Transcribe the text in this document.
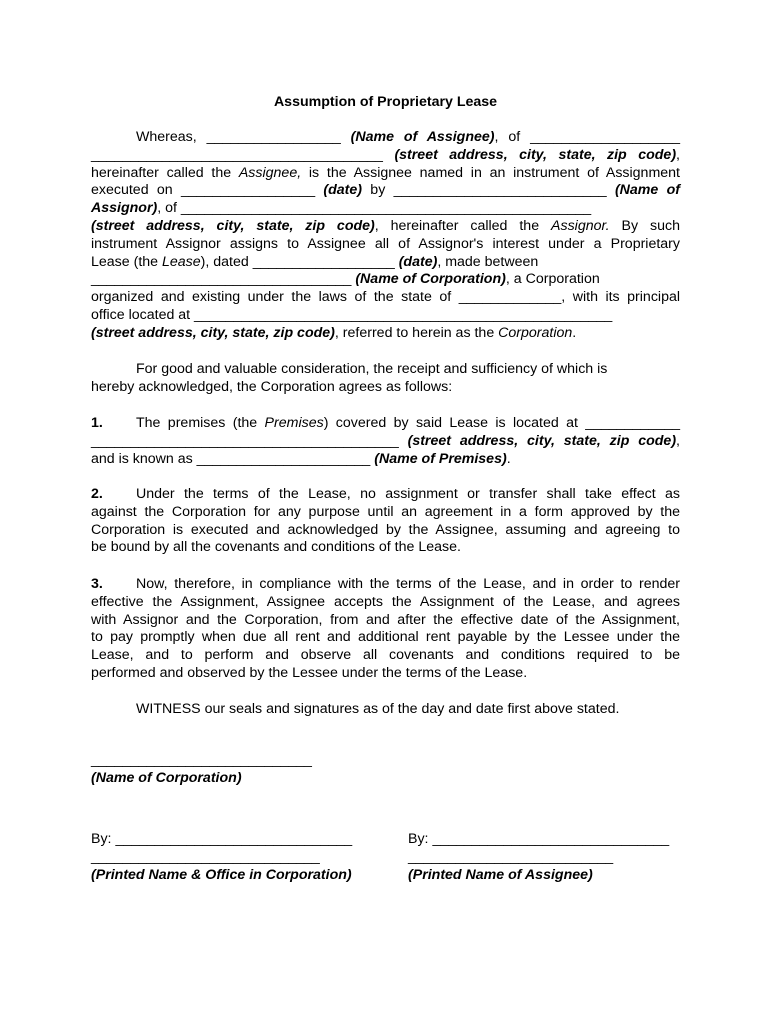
Assumption of Proprietary Lease
Whereas, _________________ (Name of Assignee), of ___________________
_____________________________________ (street address, city, state, zip code),
hereinafter called the Assignee, is the Assignee named in an instrument of Assignment
executed on _________________ (date) by ___________________________ (Name of
Assignor), of ____________________________________________________
(street address, city, state, zip code), hereinafter called the Assignor. By such
instrument Assignor assigns to Assignee all of Assignor's interest under a Proprietary
Lease (the Lease), dated __________________ (date), made between
_________________________________ (Name of Corporation), a Corporation
organized and existing under the laws of the state of _____________, with its principal
office located at _____________________________________________________
(street address, city, state, zip code), referred to herein as the Corporation.
For good and valuable consideration, the receipt and sufficiency of which is
hereby acknowledged, the Corporation agrees as follows:
1. The premises (the Premises) covered by said Lease is located at ____________
_______________________________________ (street address, city, state, zip code),
and is known as ______________________ (Name of Premises).
2. Under the terms of the Lease, no assignment or transfer shall take effect as
against the Corporation for any purpose until an agreement in a form approved by the
Corporation is executed and acknowledged by the Assignee, assuming and agreeing to
be bound by all the covenants and conditions of the Lease.
3. Now, therefore, in compliance with the terms of the Lease, and in order to render
effective the Assignment, Assignee accepts the Assignment of the Lease, and agrees
with Assignor and the Corporation, from and after the effective date of the Assignment,
to pay promptly when due all rent and additional rent payable by the Lessee under the
Lease, and to perform and observe all covenants and conditions required to be
performed and observed by the Lessee under the terms of the Lease.
WITNESS our seals and signatures as of the day and date first above stated.
____________________________
(Name of Corporation)
By: ______________________________	By: ______________________________
_____________________________	__________________________
(Printed Name & Office in Corporation)	(Printed Name of Assignee)
